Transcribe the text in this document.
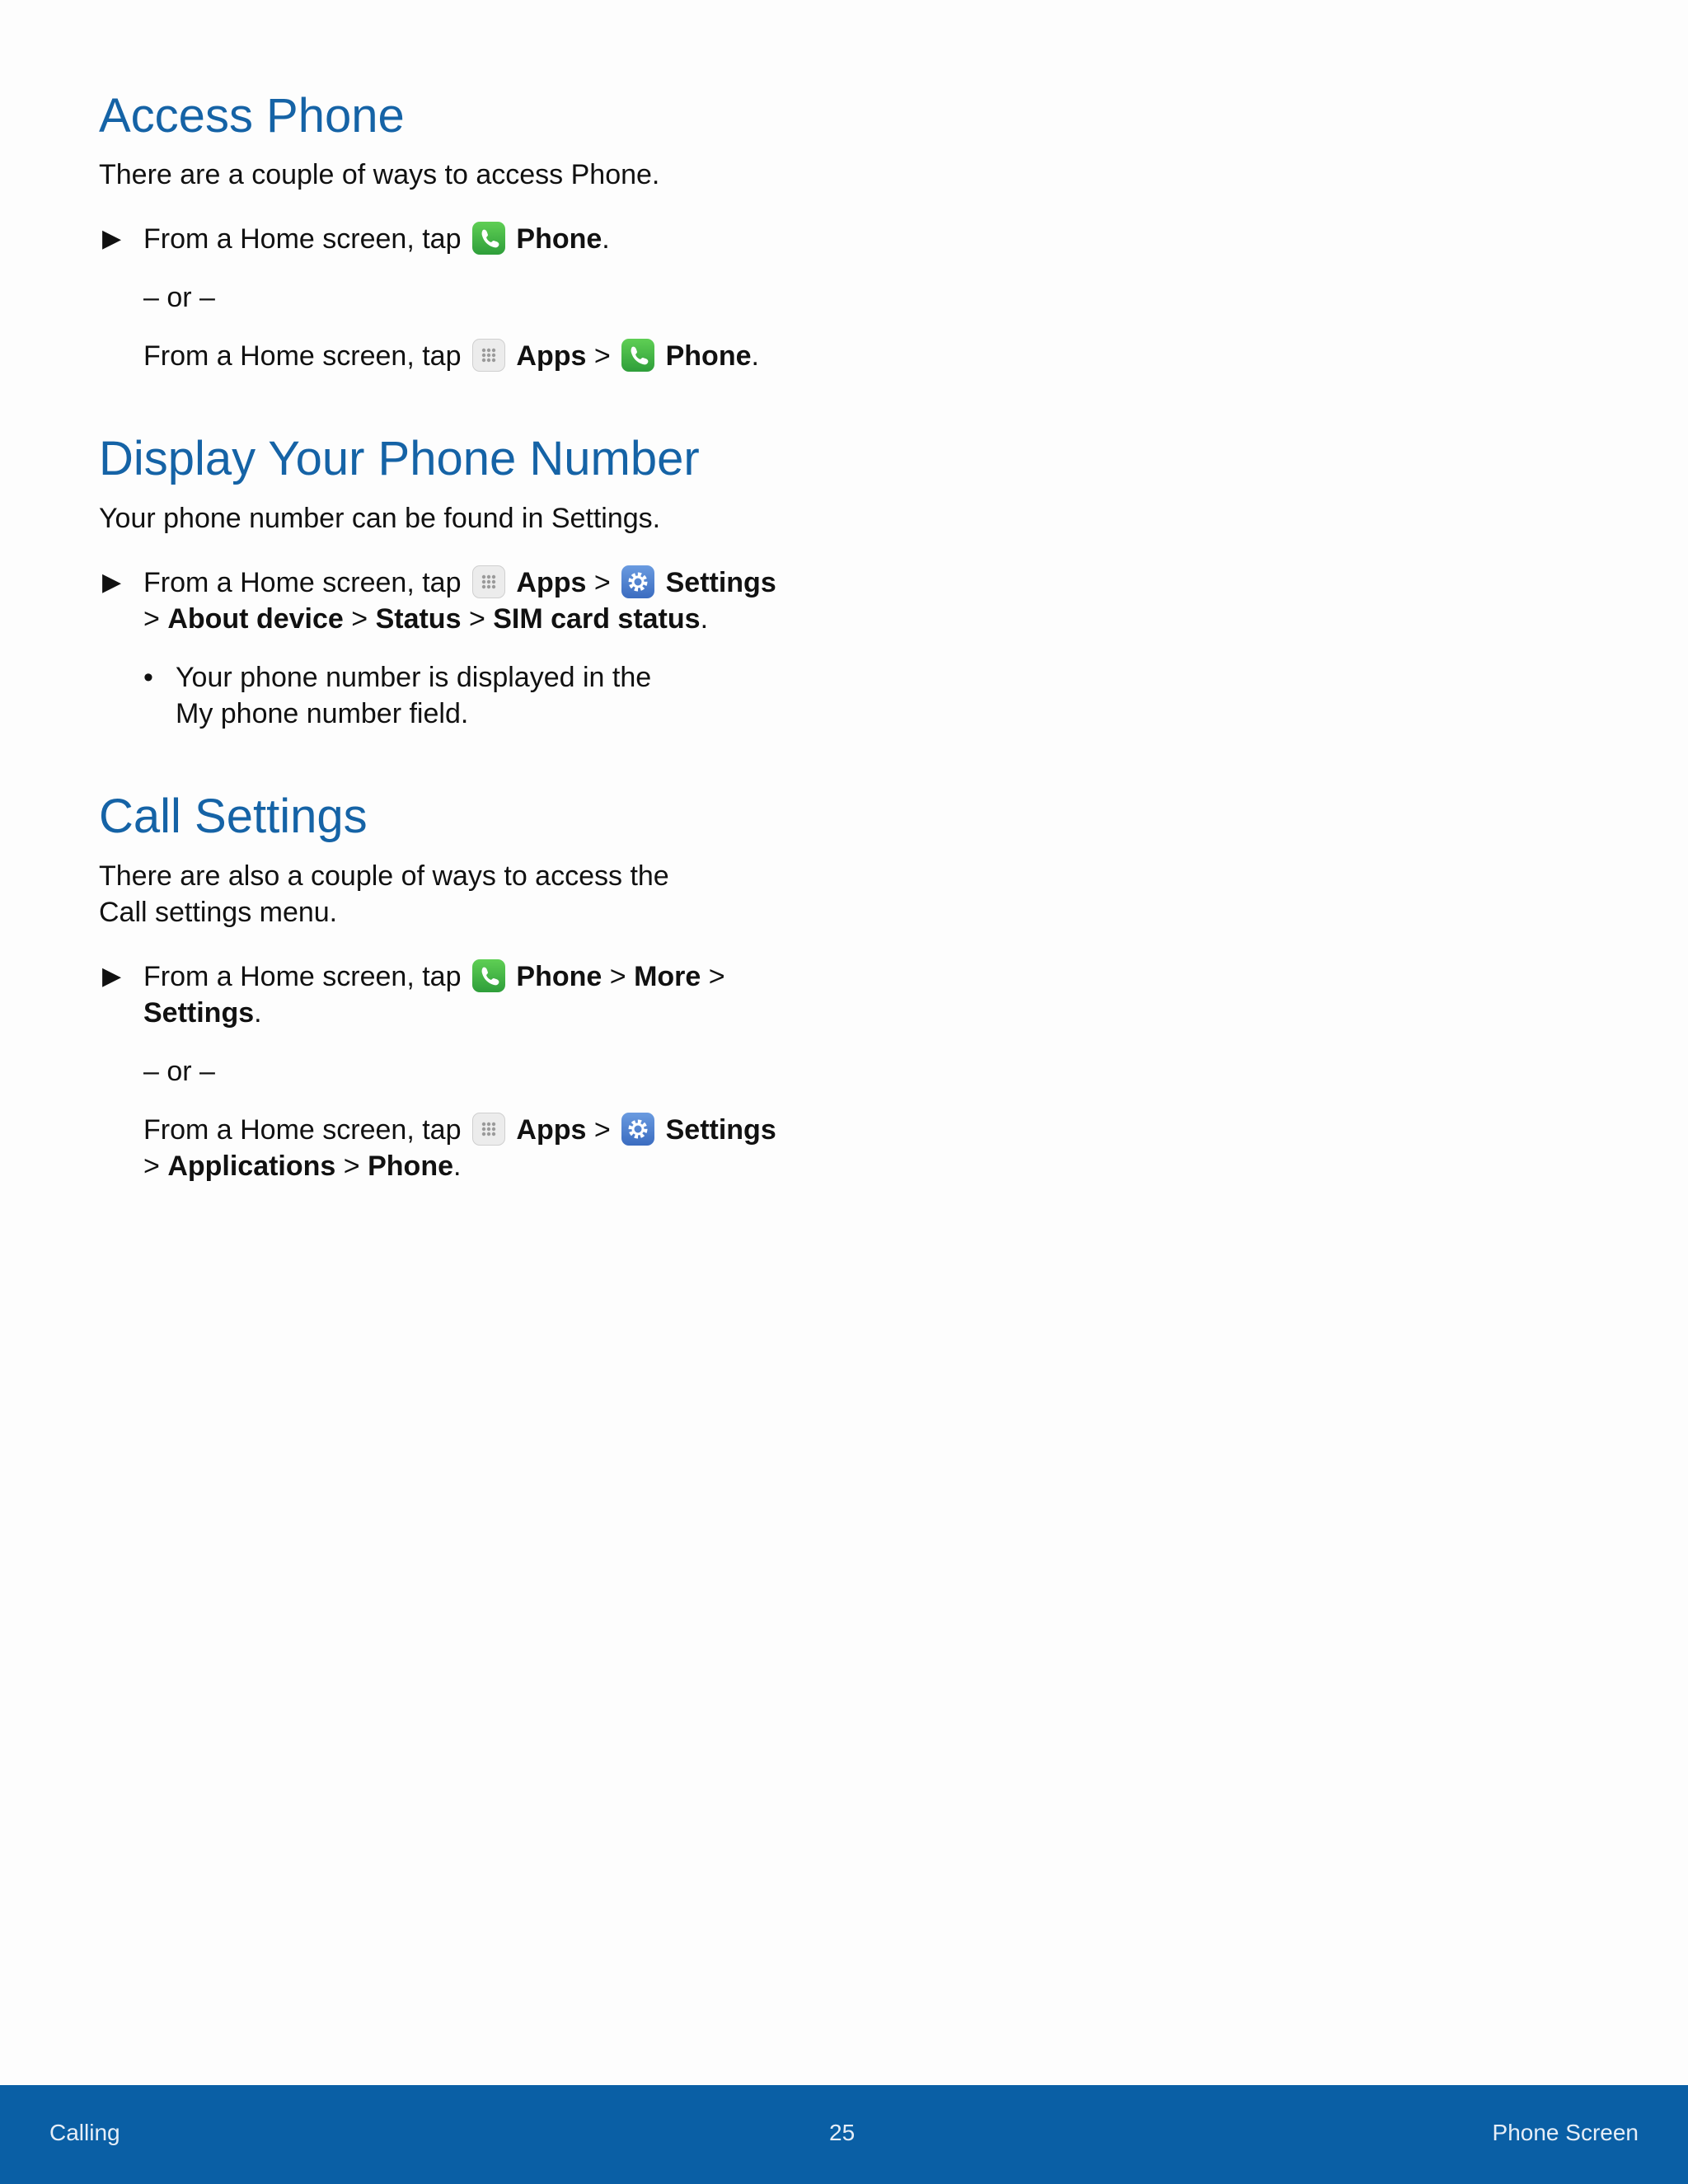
Access Phone
There are a couple of ways to access Phone.
▶ From a Home screen, tap Phone.
– or –
From a Home screen, tap Apps > Phone.
Display Your Phone Number
Your phone number can be found in Settings.
▶ From a Home screen, tap Apps > Settings
> About device > Status > SIM card status.
• Your phone number is displayed in the
My phone number field.
Call Settings
There are also a couple of ways to access the
Call settings menu.
▶ From a Home screen, tap Phone > More >
Settings.
– or –
From a Home screen, tap Apps > Settings
> Applications > Phone.
Calling	25	Phone Screen
